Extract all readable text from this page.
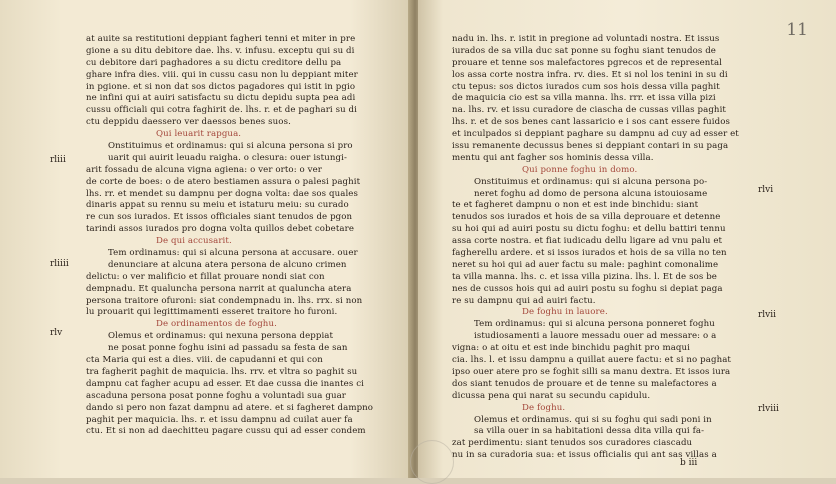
at auite sa restitutioni deppiant fagheri tenni et miter in pre
gione a su ditu debitore dae. lhs. v. infusu. exceptu qui su di
cu debitore dari paghadores a su dictu creditore dellu pa
ghare infra dies. viii. qui in cussu casu non lu deppiant miter
in pgione. et si non dat sos dictos pagadores qui istit in pgio
ne infini qui at auiri satisfactu su dictu depidu supta pea adi
cussu officiali qui cotra faghirit de. lhs. r. et de paghari su di
ctu deppidu daessero ver daessos benes suos.
Qui leuarit rapgua.
Onstituimus et ordinamus: qui si alcuna persona si pro
uarit qui auirit leuadu raigha. o clesura: ouer istungi-
arit fossadu de alcuna vigna agiena: o ver orto: o ver
de corte de boes: o de atero bestiamen assura o palesi paghit
lhs. rr. et mendet su dampnu per dogna volta: dae sos quales
dinaris appat su rennu su meiu et istaturu meiu: su curado
re cun sos iurados. Et issos officiales siant tenudos de pgon
tarindi assos iurados pro dogna volta quillos debet cobetare
De qui accusarit.
Tem ordinamus: qui si alcuna persona at accusare. ouer
denunciare at alcuna atera persona de alcuno crimen
delictu: o ver malificio et fillat prouare nondi siat con
dempnadu. Et qualuncha persona narrit at qualuncha atera
persona traitore ofuroni: siat condempnadu in. lhs. rrx. si non
lu prouarit qui legittimamenti esseret traitore ho furoni.
De ordinamentos de foghu.
Olemus et ordinamus: qui nexuna persona deppiat
ne posat ponne foghu isini ad passadu sa festa de san
cta Maria qui est a dies. viii. de capudanni et qui con
tra fagherit paghit de maquicia. lhs. rrv. et vltra so paghit su
dampnu cat fagher acupu ad esser. Et dae cussa die inantes ci
ascaduna persona posat ponne foghu a voluntadi sua guar
dando si pero non fazat dampnu ad atere. et si fagheret dampno
paghit per maquicia. lhs. r. et issu dampnu ad cuilat auer fa
ctu. Et si non ad daechitteu pagare cussu qui ad esser condem
rliii
rliiii
rlv
11
nadu in. lhs. r. istit in pregione ad voluntadi nostra. Et issus
iurados de sa villa duc sat ponne su foghu siant tenudos de
prouare et tenne sos malefactores pgrecos et de represental
los assa corte nostra infra. rv. dies. Et si nol los tenini in su di
ctu tepus: sos dictos iurados cum sos hois dessa villa paghit
de maquicia cio est sa villa manna. lhs. rrr. et issa villa pizi
na. lhs. rv. et issu curadore de ciascha de cussas villas paghit
lhs. r. et de sos benes cant lassaricio e i sos cant essere fuidos
et inculpados si deppiant paghare su dampnu ad cuy ad esser et
issu remanente decussus benes si deppiant contari in su paga
mentu qui ant fagher sos hominis dessa villa.
Qui ponne foghu in domo.
Onstituimus et ordinamus: qui si alcuna persona po-
neret foghu ad domo de persona alcuna istouiosame
te et fagheret dampnu o non et est inde binchidu: siant
tenudos sos iurados et hois de sa villa deprouare et detenne
su hoi qui ad auiri postu su dictu foghu: et dellu battiri tennu
assa corte nostra. et fiat iudicadu dellu ligare ad vnu palu et
fagherellu ardere. et si issos iurados et hois de sa villa no ten
neret su hoi qui ad auer factu su male: paghint comonalime
ta villa manna. lhs. c. et issa villa pizina. lhs. l. Et de sos be
nes de cussos hois qui ad auiri postu su foghu si depiat paga
re su dampnu qui ad auiri factu.
De foghu in lauore.
Tem ordinamus: qui si alcuna persona ponneret foghu
istudiosamenti a lauore messadu ouer ad messare: o a
vigna: o at oitu et est inde binchidu paghit pro maqui
cia. lhs. l. et issu dampnu a quillat auere factu: et si no paghat
ipso ouer atere pro se foghit silli sa manu dextra. Et issos iura
dos siant tenudos de prouare et de tenne su malefactores a
dicussa pena qui narat su secundu capidulu.
De foghu.
Olemus et ordinamus. qui si su foghu qui sadi poni in
sa villa ouer in sa habitationi dessa dita villa qui fa-
zat perdimentu: siant tenudos sos curadores ciascadu
nu in sa curadoria sua: et issus officialis qui ant sas villas a
rlvi
rlvii
rlviii
b iii
